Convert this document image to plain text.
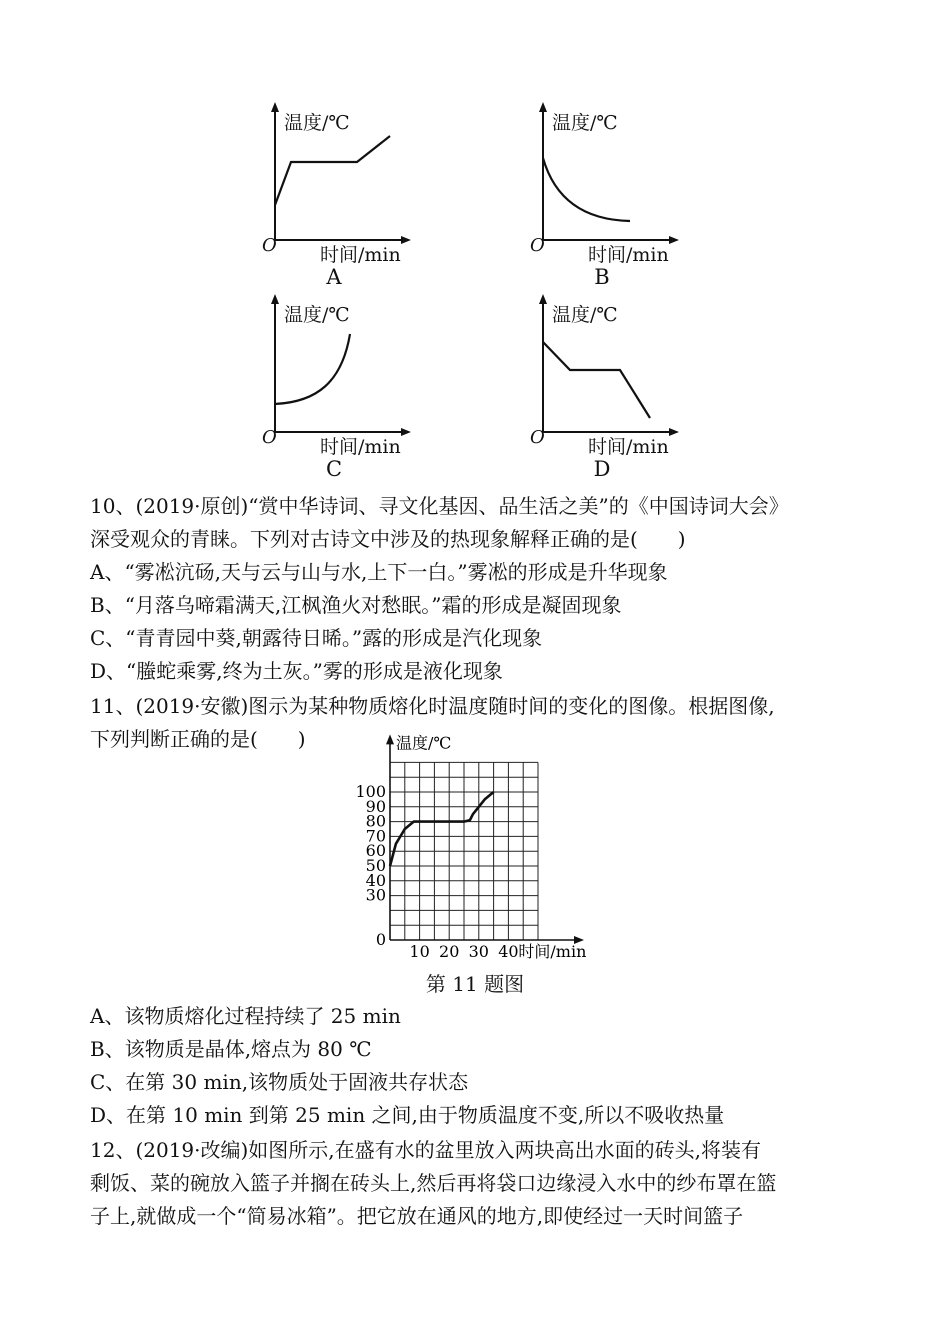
温度/℃
O 时间/min
A
温度/℃
O 时间/min
B
温度/℃
O 时间/min
C
温度/℃
O 时间/min
D
10、(2019·原创)“赏中华诗词、寻文化基因、品生活之美”的《中国诗词大会》
深受观众的青睐。下列对古诗文中涉及的热现象解释正确的是(　　)
A、“雾凇沆砀,天与云与山与水,上下一白。”雾凇的形成是升华现象
B、“月落乌啼霜满天,江枫渔火对愁眠。”霜的形成是凝固现象
C、“青青园中葵,朝露待日晞。”露的形成是汽化现象
D、“螣蛇乘雾,终为土灰。”雾的形成是液化现象
11、(2019·安徽)图示为某种物质熔化时温度随时间的变化的图像。根据图像,
下列判断正确的是(　　)
0
30
40
50
60
70
80
90
100
10 20 30 40
温度/℃
时间/min
第 11 题图
A、该物质熔化过程持续了 25 min
B、该物质是晶体,熔点为 80 ℃
C、在第 30 min,该物质处于固液共存状态
D、在第 10 min 到第 25 min 之间,由于物质温度不变,所以不吸收热量
12、(2019·改编)如图所示,在盛有水的盆里放入两块高出水面的砖头,将装有
剩饭、菜的碗放入篮子并搁在砖头上,然后再将袋口边缘浸入水中的纱布罩在篮
子上,就做成一个“简易冰箱”。把它放在通风的地方,即使经过一天时间篮子
